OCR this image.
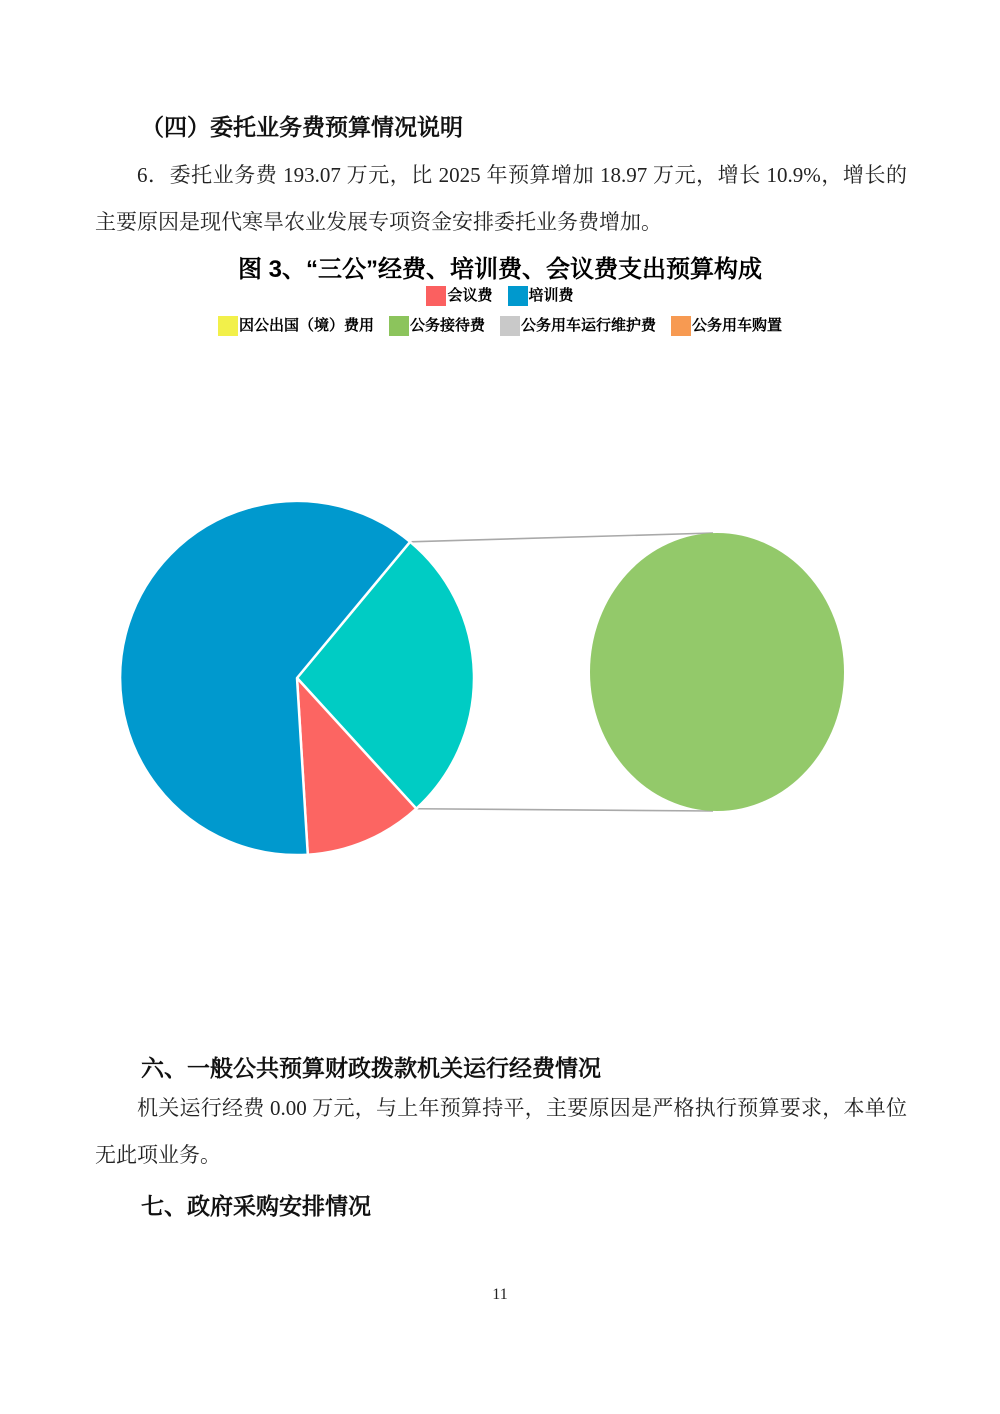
（四）委托业务费预算情况说明
6．委托业务费 193.07 万元，比 2025 年预算增加 18.97 万元，增长 10.9%，增长的主要原因是现代寒旱农业发展专项资金安排委托业务费增加。
图 3、“三公”经费、培训费、会议费支出预算构成
会议费 培训费
因公出国（境）费用 公务接待费 公务用车运行维护费 公务用车购置
六、一般公共预算财政拨款机关运行经费情况
机关运行经费 0.00 万元，与上年预算持平，主要原因是严格执行预算要求，本单位无此项业务。
七、政府采购安排情况
11
